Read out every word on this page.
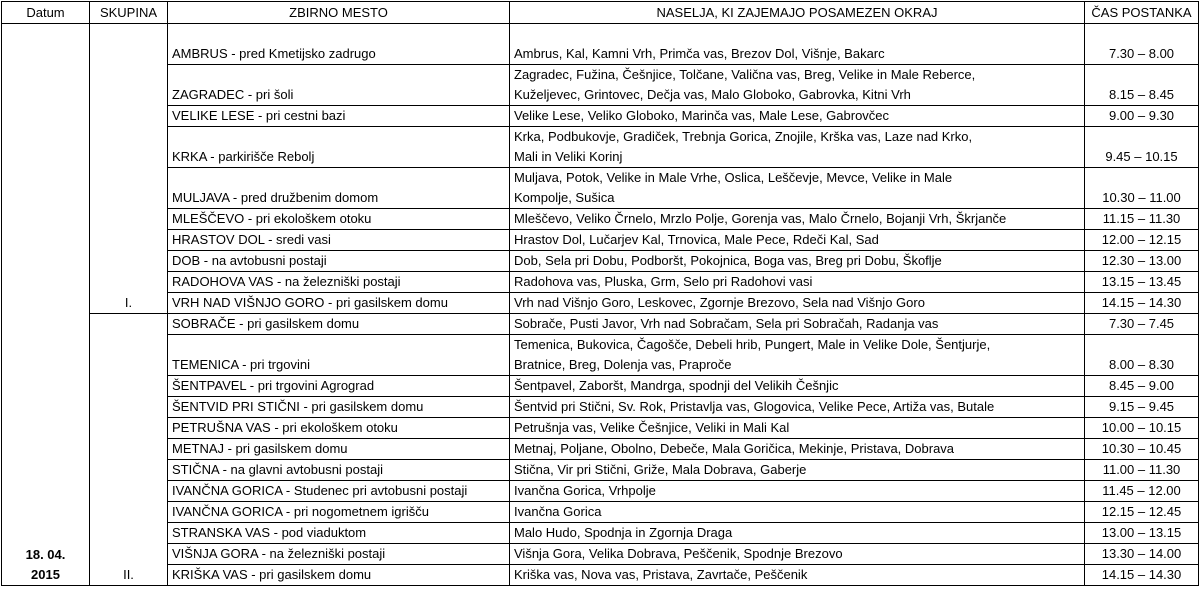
Datum	SKUPINA	ZBIRNO MESTO	NASELJA, KI ZAJEMAJO POSAMEZEN OKRAJ	ČAS POSTANKA

18. 04.
2015	I.	AMBRUS - pred Kmetijsko zadrugo	Ambrus, Kal, Kamni Vrh, Primča vas, Brezov Dol, Višnje, Bakarc	7.30 – 8.00
		ZAGRADEC - pri šoli	Zagradec, Fužina, Češnjice, Tolčane, Valična vas, Breg, Velike in Male Reberce,
Kuželjevec, Grintovec, Dečja vas, Malo Globoko, Gabrovka, Kitni Vrh	8.15 – 8.45
		VELIKE LESE - pri cestni bazi	Velike Lese, Veliko Globoko, Marinča vas, Male Lese, Gabrovčec	9.00 – 9.30
		KRKA - parkirišče Rebolj	Krka, Podbukovje, Gradiček, Trebnja Gorica, Znojile, Krška vas, Laze nad Krko,
Mali in Veliki Korinj	9.45 – 10.15
		MULJAVA - pred družbenim domom	Muljava, Potok, Velike in Male Vrhe, Oslica, Leščevje, Mevce, Velike in Male
Kompolje, Sušica	10.30 – 11.00
		MLEŠČEVO - pri ekološkem otoku	Mleščevo, Veliko Črnelo, Mrzlo Polje, Gorenja vas, Malo Črnelo, Bojanji Vrh, Škrjanče	11.15 – 11.30
		HRASTOV DOL - sredi vasi	Hrastov Dol, Lučarjev Kal, Trnovica, Male Pece, Rdeči Kal, Sad	12.00 – 12.15
		DOB - na avtobusni postaji	Dob, Sela pri Dobu, Podboršt, Pokojnica, Boga vas, Breg pri Dobu, Škoflje	12.30 – 13.00
		RADOHOVA VAS - na železniški postaji	Radohova vas, Pluska, Grm, Selo pri Radohovi vasi	13.15 – 13.45
		VRH NAD VIŠNJO GORO - pri gasilskem domu	Vrh nad Višnjo Goro, Leskovec, Zgornje Brezovo, Sela nad Višnjo Goro	14.15 – 14.30
	II.	SOBRAČE - pri gasilskem domu	Sobrače, Pusti Javor, Vrh nad Sobračam, Sela pri Sobračah, Radanja vas	7.30 – 7.45
		TEMENICA - pri trgovini	Temenica, Bukovica, Čagošče, Debeli hrib, Pungert, Male in Velike Dole, Šentjurje,
Bratnice, Breg, Dolenja vas, Praproče	8.00 – 8.30
		ŠENTPAVEL - pri trgovini Agrograd	Šentpavel, Zaboršt, Mandrga, spodnji del Velikih Češnjic	8.45 – 9.00
		ŠENTVID PRI STIČNI - pri gasilskem domu	Šentvid pri Stični, Sv. Rok, Pristavlja vas, Glogovica, Velike Pece, Artiža vas, Butale	9.15 – 9.45
		PETRUŠNA VAS - pri ekološkem otoku	Petrušnja vas, Velike Češnjice, Veliki in Mali Kal	10.00 – 10.15
		METNAJ - pri gasilskem domu	Metnaj, Poljane, Obolno, Debeče, Mala Goričica, Mekinje, Pristava, Dobrava	10.30 – 10.45
		STIČNA - na glavni avtobusni postaji	Stična, Vir pri Stični, Griže, Mala Dobrava, Gaberje	11.00 – 11.30
		IVANČNA GORICA - Studenec pri avtobusni postaji	Ivančna Gorica, Vrhpolje	11.45 – 12.00
		IVANČNA GORICA - pri nogometnem igrišču	Ivančna Gorica	12.15 – 12.45
		STRANSKA VAS - pod viaduktom	Malo Hudo, Spodnja in Zgornja Draga	13.00 – 13.15
		VIŠNJA GORA - na železniški postaji	Višnja Gora, Velika Dobrava, Peščenik, Spodnje Brezovo	13.30 – 14.00
		KRIŠKA VAS - pri gasilskem domu	Kriška vas, Nova vas, Pristava, Zavrtače, Peščenik	14.15 – 14.30
